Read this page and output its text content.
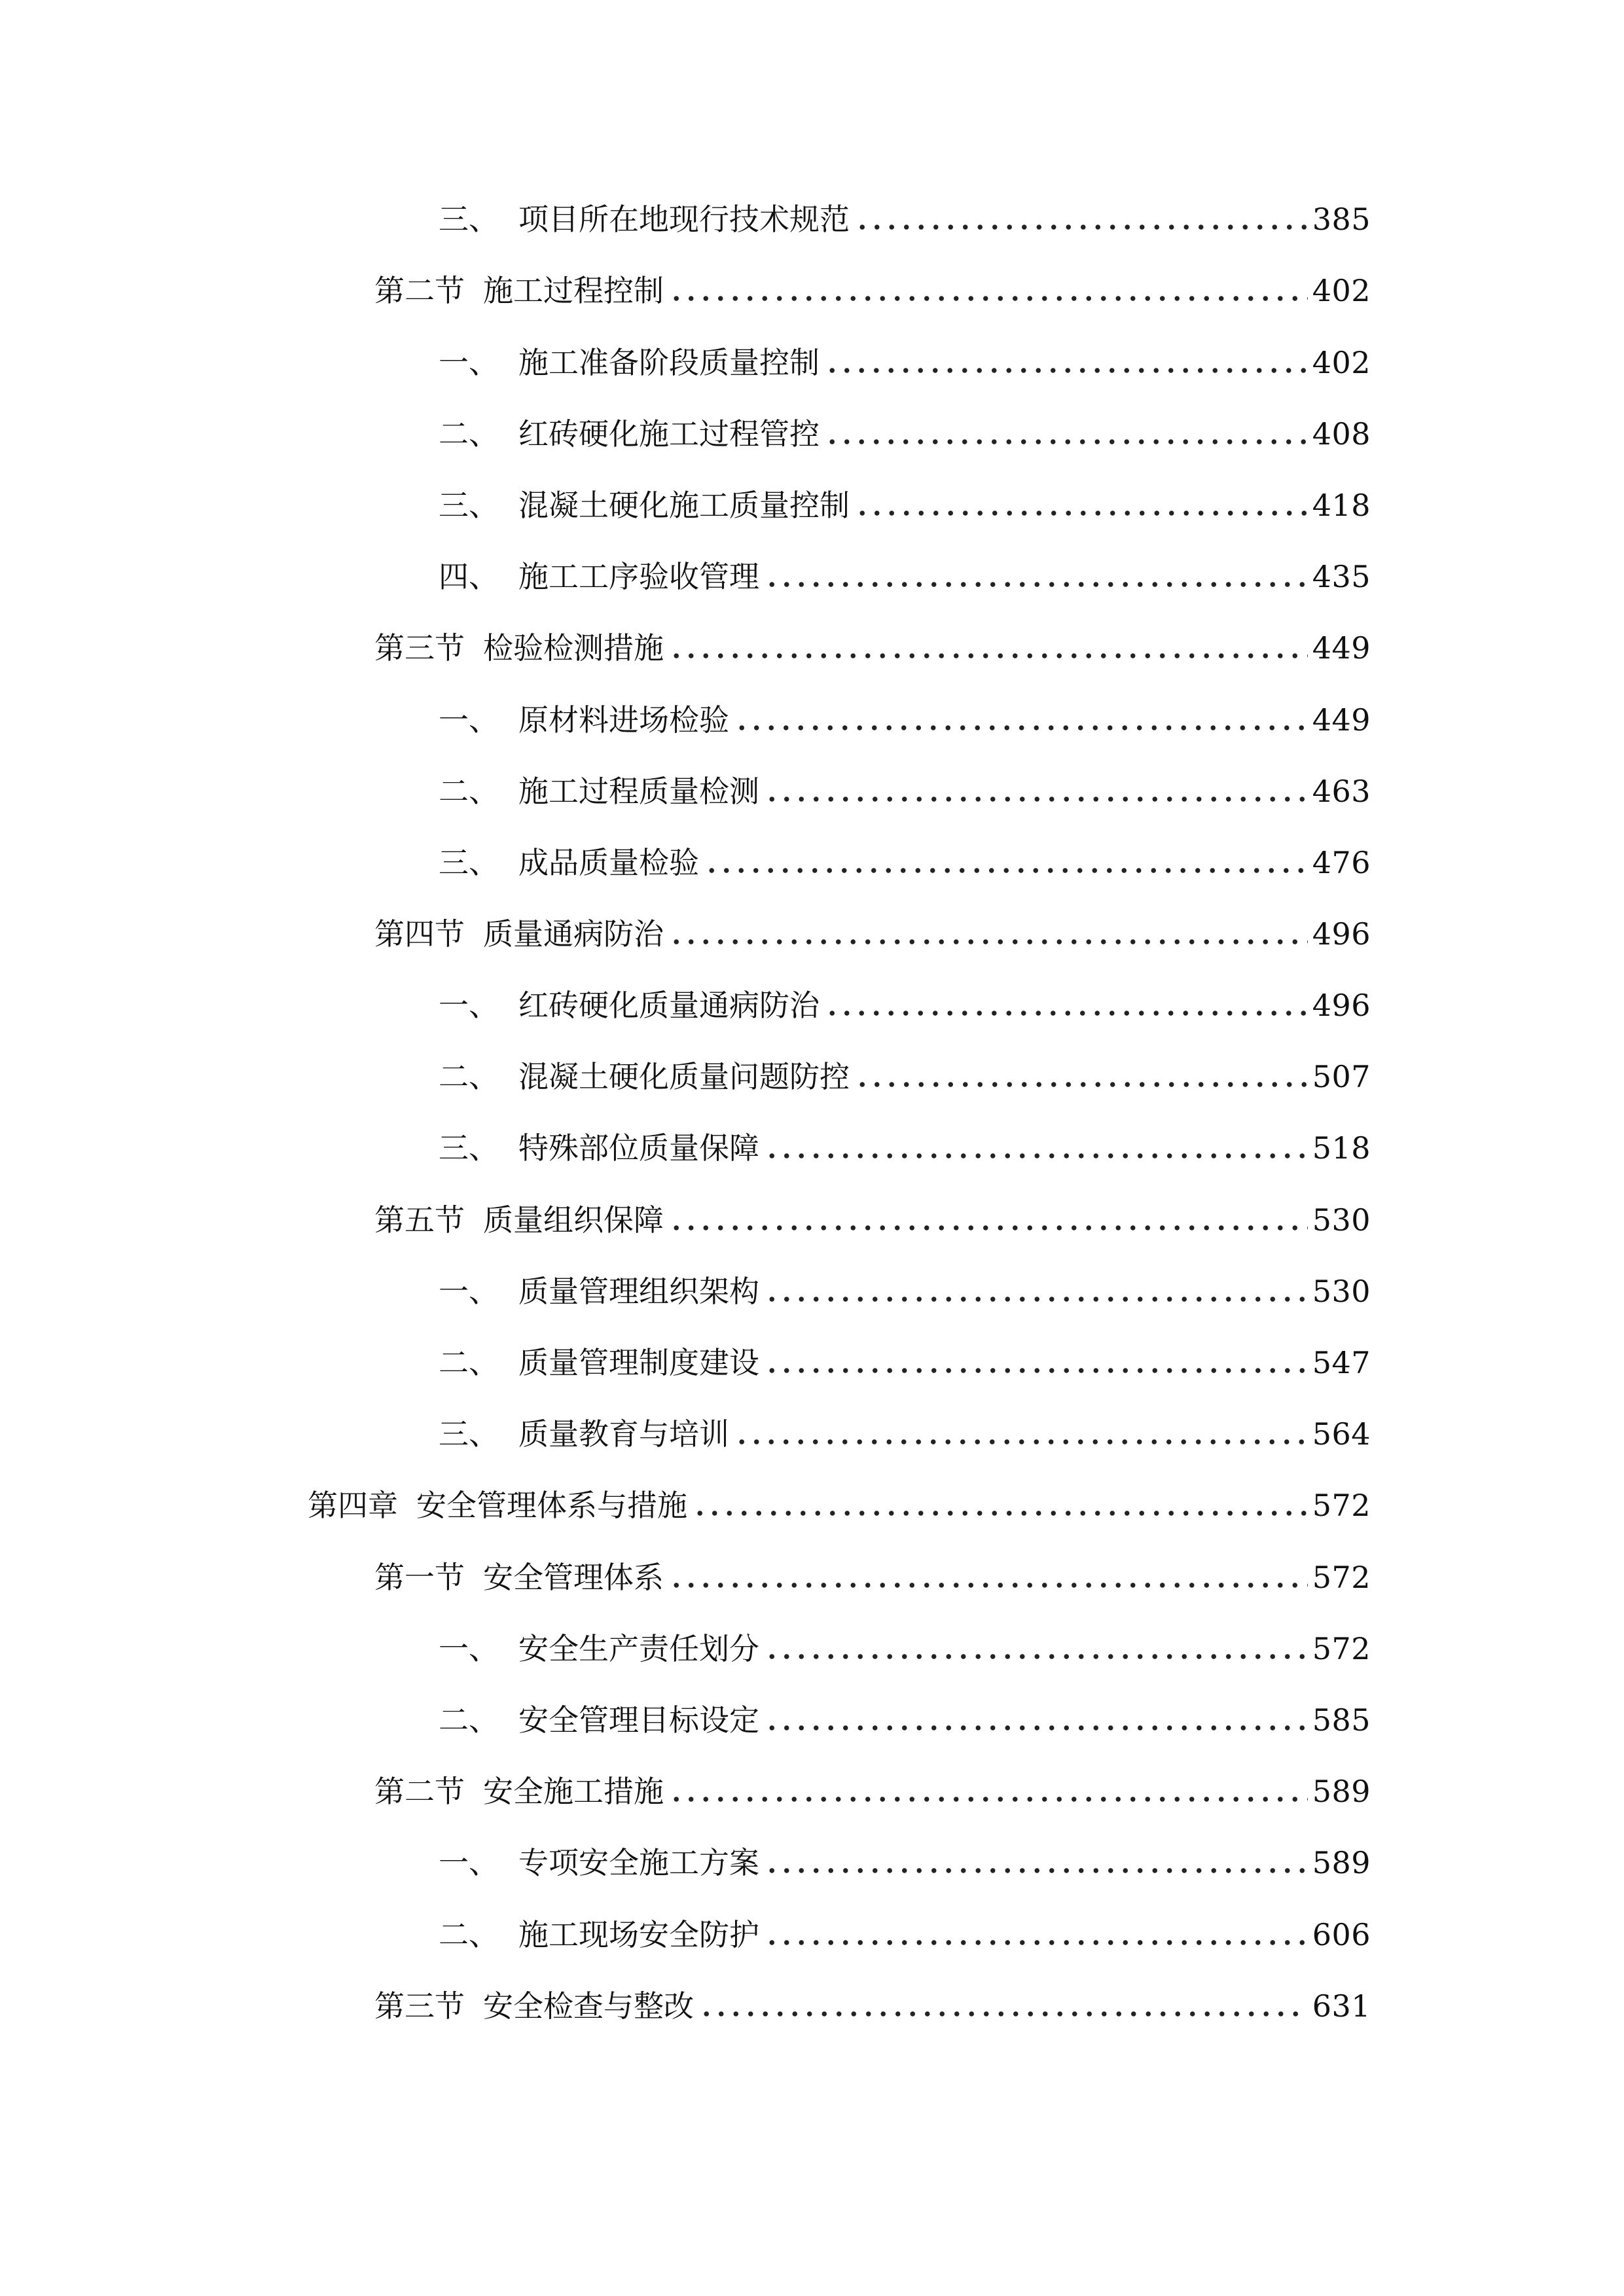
三、 项目所在地现行技术规范	385
第二节 施工过程控制	402
一、 施工准备阶段质量控制	402
二、 红砖硬化施工过程管控	408
三、 混凝土硬化施工质量控制	418
四、 施工工序验收管理	435
第三节 检验检测措施	449
一、 原材料进场检验	449
二、 施工过程质量检测	463
三、 成品质量检验	476
第四节 质量通病防治	496
一、 红砖硬化质量通病防治	496
二、 混凝土硬化质量问题防控	507
三、 特殊部位质量保障	518
第五节 质量组织保障	530
一、 质量管理组织架构	530
二、 质量管理制度建设	547
三、 质量教育与培训	564
第四章 安全管理体系与措施	572
第一节 安全管理体系	572
一、 安全生产责任划分	572
二、 安全管理目标设定	585
第二节 安全施工措施	589
一、 专项安全施工方案	589
二、 施工现场安全防护	606
第三节 安全检查与整改	631
